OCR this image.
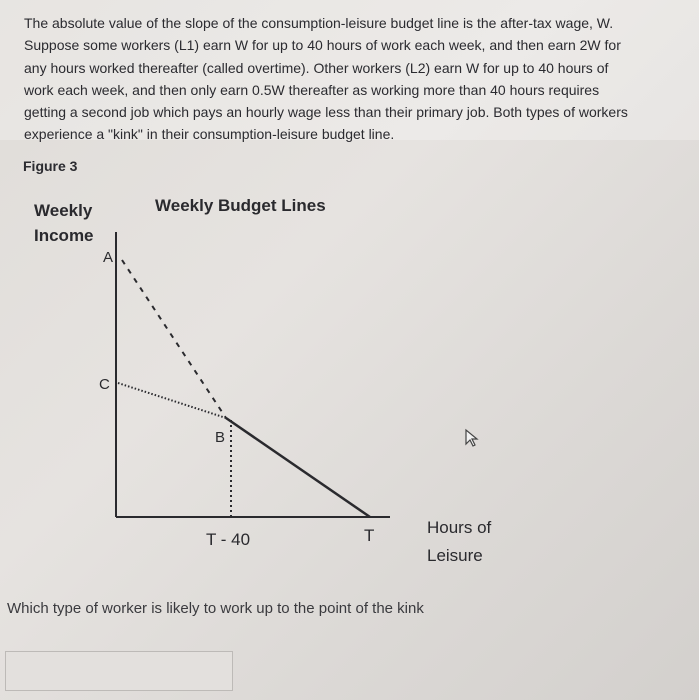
The absolute value of the slope of the consumption-leisure budget line is the after-tax wage, W.
Suppose some workers (L1) earn W for up to 40 hours of work each week, and then earn 2W for
any hours worked thereafter (called overtime). Other workers (L2) earn W for up to 40 hours of
work each week, and then only earn 0.5W thereafter as working more than 40 hours requires
getting a second job which pays an hourly wage less than their primary job. Both types of workers
experience a "kink" in their consumption-leisure budget line.
Figure 3
Weekly
Income
Weekly Budget Lines
A
C
B
T - 40	T	Hours of
Leisure
Which type of worker is likely to work up to the point of the kink
